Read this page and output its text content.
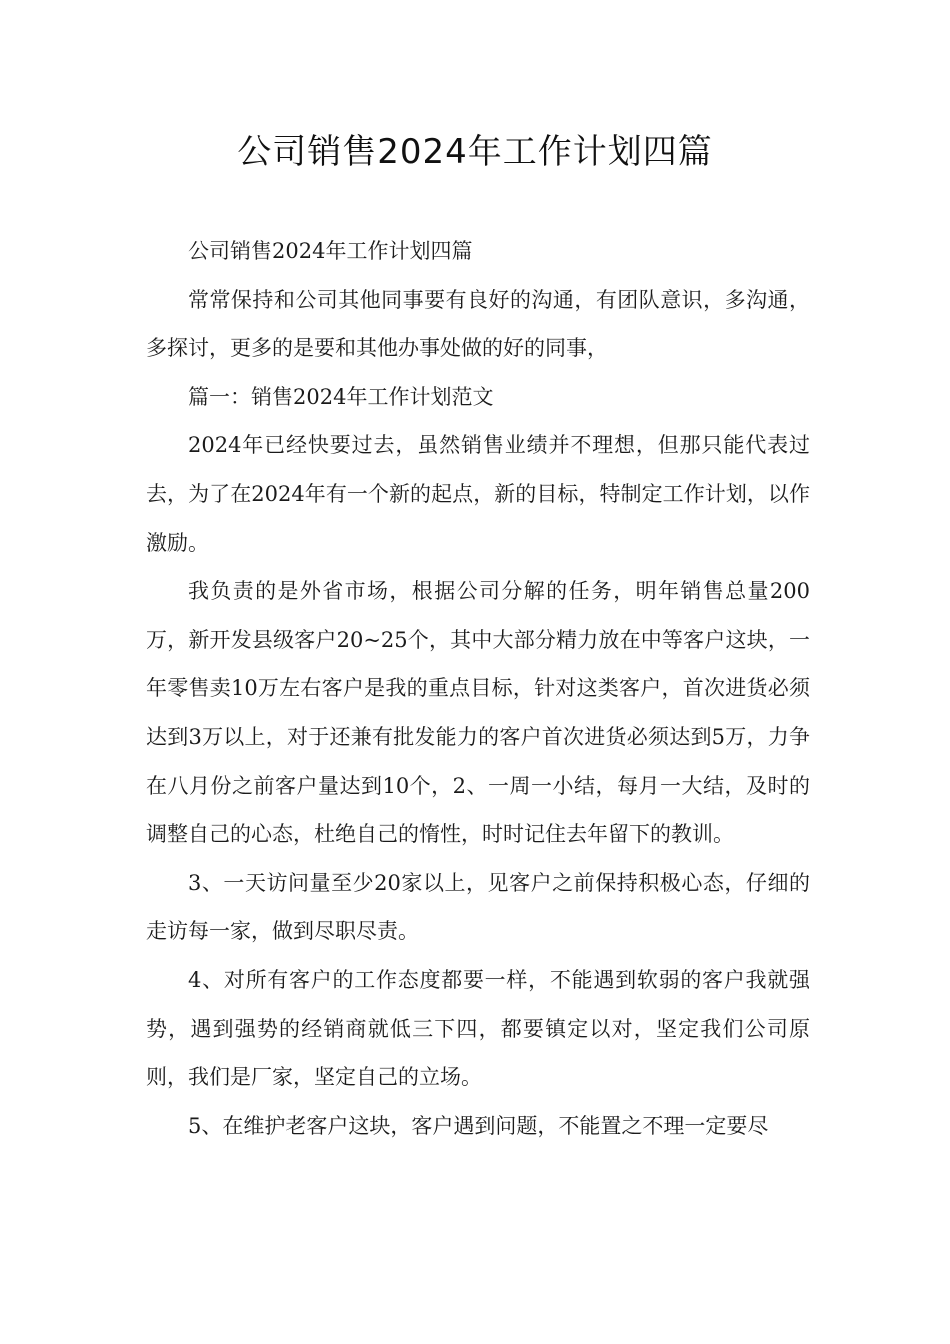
公司销售2024年工作计划四篇

公司销售2024年工作计划四篇

常常保持和公司其他同事要有良好的沟通，有团队意识，多沟通，多探讨，更多的是要和其他办事处做的好的同事，

篇一：销售2024年工作计划范文

2024年已经快要过去，虽然销售业绩并不理想，但那只能代表过去，为了在2024年有一个新的起点，新的目标，特制定工作计划，以作激励。

我负责的是外省市场，根据公司分解的任务，明年销售总量200万，新开发县级客户20~25个，其中大部分精力放在中等客户这块，一年零售卖10万左右客户是我的重点目标，针对这类客户，首次进货必须达到3万以上，对于还兼有批发能力的客户首次进货必须达到5万，力争在八月份之前客户量达到10个，2、一周一小结，每月一大结，及时的调整自己的心态，杜绝自己的惰性，时时记住去年留下的教训。

3、一天访问量至少20家以上，见客户之前保持积极心态，仔细的走访每一家，做到尽职尽责。

4、对所有客户的工作态度都要一样，不能遇到软弱的客户我就强势，遇到强势的经销商就低三下四，都要镇定以对，坚定我们公司原则，我们是厂家，坚定自己的立场。

5、在维护老客户这块，客户遇到问题，不能置之不理一定要尽
